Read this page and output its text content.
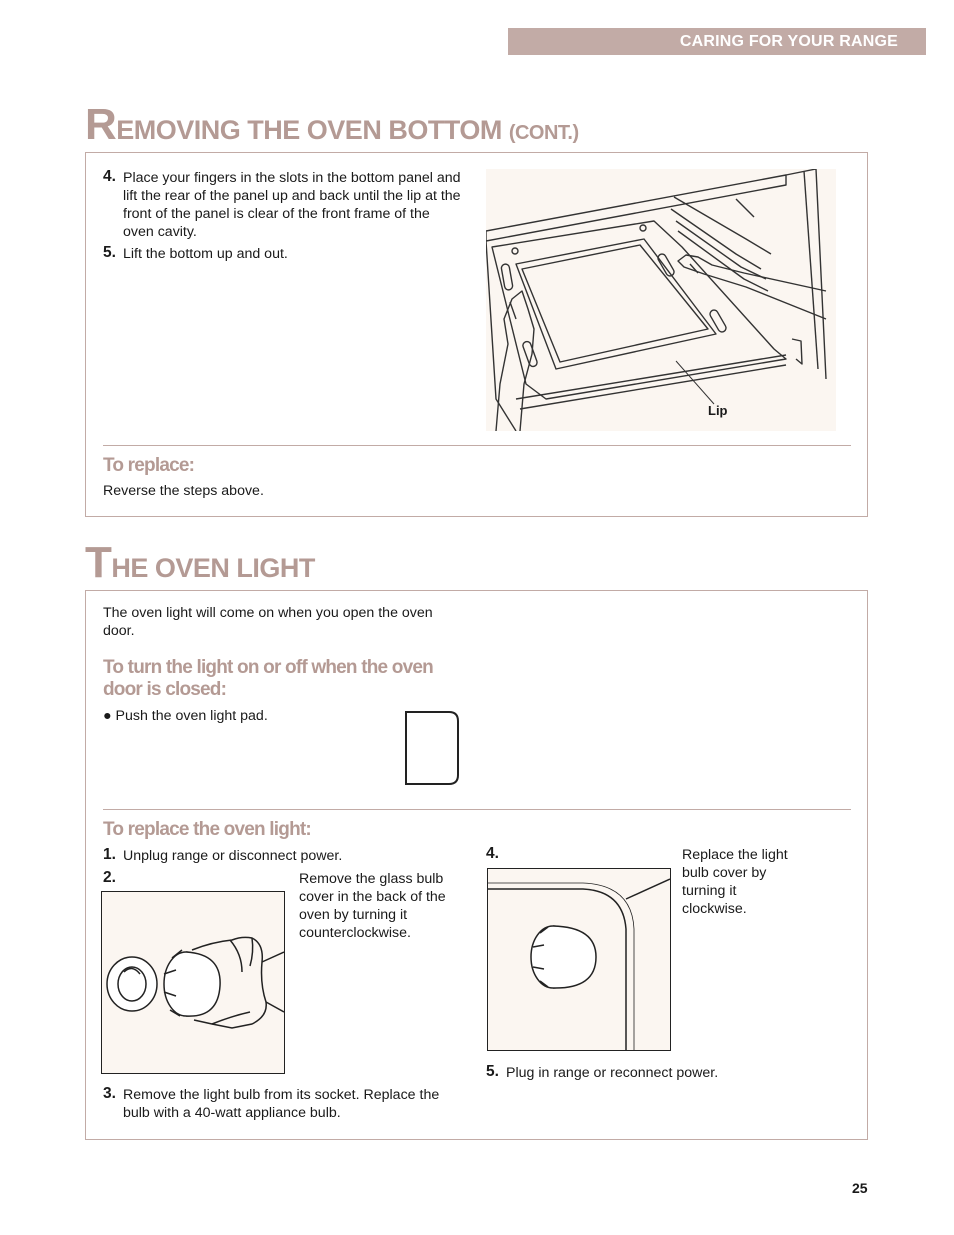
CARING FOR YOUR RANGE
REMOVING THE OVEN BOTTOM (CONT.)
4. Place your fingers in the slots in the bottom panel and lift the rear of the panel up and back until the lip at the front of the panel is clear of the front frame of the oven cavity.
5. Lift the bottom up and out.
Lip
To replace:
Reverse the steps above.
THE OVEN LIGHT
The oven light will come on when you open the oven door.
To turn the light on or off when the oven door is closed:
● Push the oven light pad.
To replace the oven light:
1. Unplug range or disconnect power.
2.	Remove the glass bulb cover in the back of the oven by turning it counterclockwise.
3. Remove the light bulb from its socket. Replace the bulb with a 40-watt appliance bulb.
4.	Replace the light bulb cover by turning it clockwise.
5. Plug in range or reconnect power.
25
